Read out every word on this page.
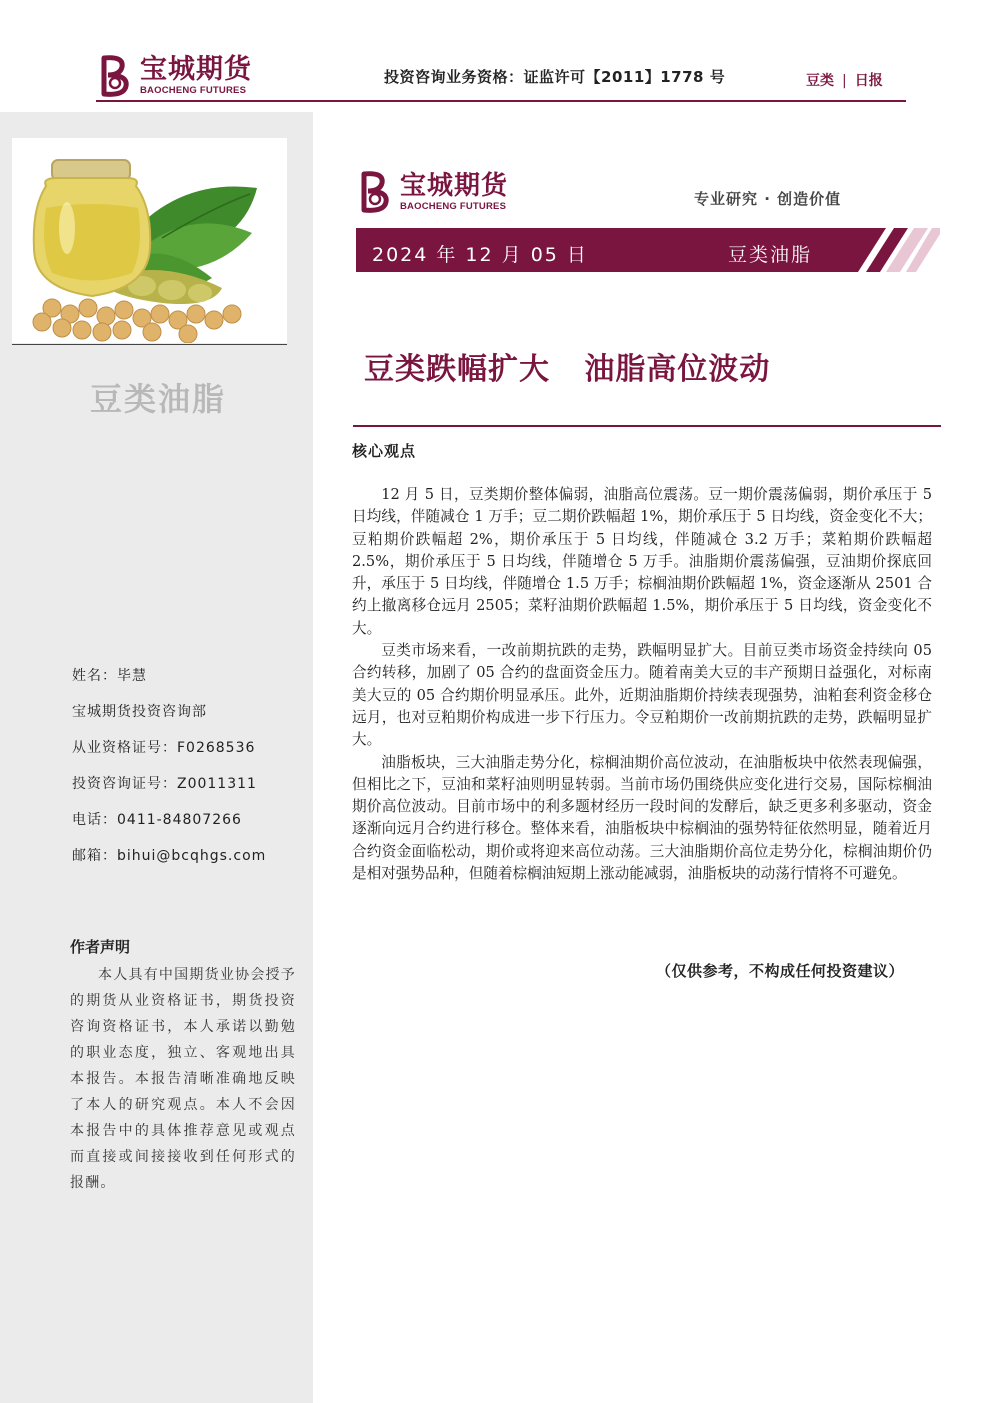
宝城期货
BAOCHENG FUTURES
投资咨询业务资格：证监许可【2011】1778 号	豆类 | 日报
豆类油脂
姓名：毕慧
宝城期货投资咨询部
从业资格证号：F0268536
投资咨询证号：Z0011311
电话：0411-84807266
邮箱：bihui@bcqhgs.com
作者声明
本人具有中国期货业协会授予的期货从业资格证书，期货投资咨询资格证书，本人承诺以勤勉的职业态度，独立、客观地出具本报告。本报告清晰准确地反映了本人的研究观点。本人不会因本报告中的具体推荐意见或观点而直接或间接接收到任何形式的报酬。
宝城期货
BAOCHENG FUTURES	专业研究 · 创造价值
2024 年 12 月 05 日	豆类油脂
豆类跌幅扩大   油脂高位波动
核心观点

12 月 5 日，豆类期价整体偏弱，油脂高位震荡。豆一期价震荡偏弱，期价承压于 5 日均线，伴随减仓 1 万手；豆二期价跌幅超 1%，期价承压于 5 日均线，资金变化不大；豆粕期价跌幅超 2%，期价承压于 5 日均线，伴随减仓 3.2 万手；菜粕期价跌幅超 2.5%，期价承压于 5 日均线，伴随增仓 5 万手。油脂期价震荡偏强，豆油期价探底回升，承压于 5 日均线，伴随增仓 1.5 万手；棕榈油期价跌幅超 1%，资金逐渐从 2501 合约上撤离移仓远月 2505；菜籽油期价跌幅超 1.5%，期价承压于 5 日均线，资金变化不大。

豆类市场来看，一改前期抗跌的走势，跌幅明显扩大。目前豆类市场资金持续向 05 合约转移，加剧了 05 合约的盘面资金压力。随着南美大豆的丰产预期日益强化，对标南美大豆的 05 合约期价明显承压。此外，近期油脂期价持续表现强势，油粕套利资金移仓远月，也对豆粕期价构成进一步下行压力。令豆粕期价一改前期抗跌的走势，跌幅明显扩大。

油脂板块，三大油脂走势分化，棕榈油期价高位波动，在油脂板块中依然表现偏强，但相比之下，豆油和菜籽油则明显转弱。当前市场仍围绕供应变化进行交易，国际棕榈油期价高位波动。目前市场中的利多题材经历一段时间的发酵后，缺乏更多利多驱动，资金逐渐向远月合约进行移仓。整体来看，油脂板块中棕榈油的强势特征依然明显，随着近月合约资金面临松动，期价或将迎来高位动荡。三大油脂期价高位走势分化，棕榈油期价仍是相对强势品种，但随着棕榈油短期上涨动能减弱，油脂板块的动荡行情将不可避免。

（仅供参考，不构成任何投资建议）
